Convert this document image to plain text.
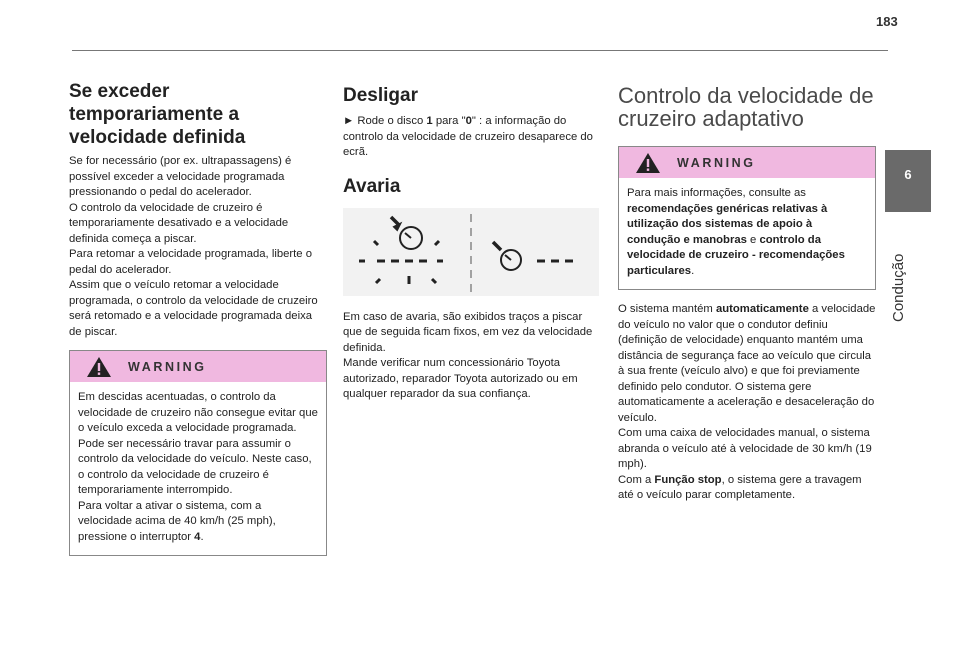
183
6
Condução
Se exceder temporariamente a velocidade definida

Se for necessário (por ex. ultrapassagens) é possível exceder a velocidade programada pressionando o pedal do acelerador.

O controlo da velocidade de cruzeiro é temporariamente desativado e a velocidade definida começa a piscar.

Para retomar a velocidade programada, liberte o pedal do acelerador.

Assim que o veículo retomar a velocidade programada, o controlo da velocidade de cruzeiro será retomado e a velocidade programada deixa de piscar.

WARNING

Em descidas acentuadas, o controlo da velocidade de cruzeiro não consegue evitar que o veículo exceda a velocidade programada.

Pode ser necessário travar para assumir o controlo da velocidade do veículo. Neste caso, o controlo da velocidade de cruzeiro é temporariamente interrompido.

Para voltar a ativar o sistema, com a velocidade acima de 40 km/h (25 mph), pressione o interruptor 4.

Desligar

► Rode o disco 1 para "0" : a informação do controlo da velocidade de cruzeiro desaparece do ecrã.

Avaria

Em caso de avaria, são exibidos traços a piscar que de seguida ficam fixos, em vez da velocidade definida.

Mande verificar num concessionário Toyota autorizado, reparador Toyota autorizado ou em qualquer reparador da sua confiança.

Controlo da velocidade de cruzeiro adaptativo
WARNING

Para mais informações, consulte as recomendações genéricas relativas à utilização dos sistemas de apoio à condução e manobras e controlo da velocidade de cruzeiro - recomendações particulares.

O sistema mantém automaticamente a velocidade do veículo no valor que o condutor definiu (definição de velocidade) enquanto mantém uma distância de segurança face ao veículo que circula à sua frente (veículo alvo) e que foi previamente definido pelo condutor. O sistema gere automaticamente a aceleração e desaceleração do veículo.

Com uma caixa de velocidades manual, o sistema abranda o veículo até à velocidade de 30 km/h (19 mph).

Com a Função stop, o sistema gere a travagem até o veículo parar completamente.
